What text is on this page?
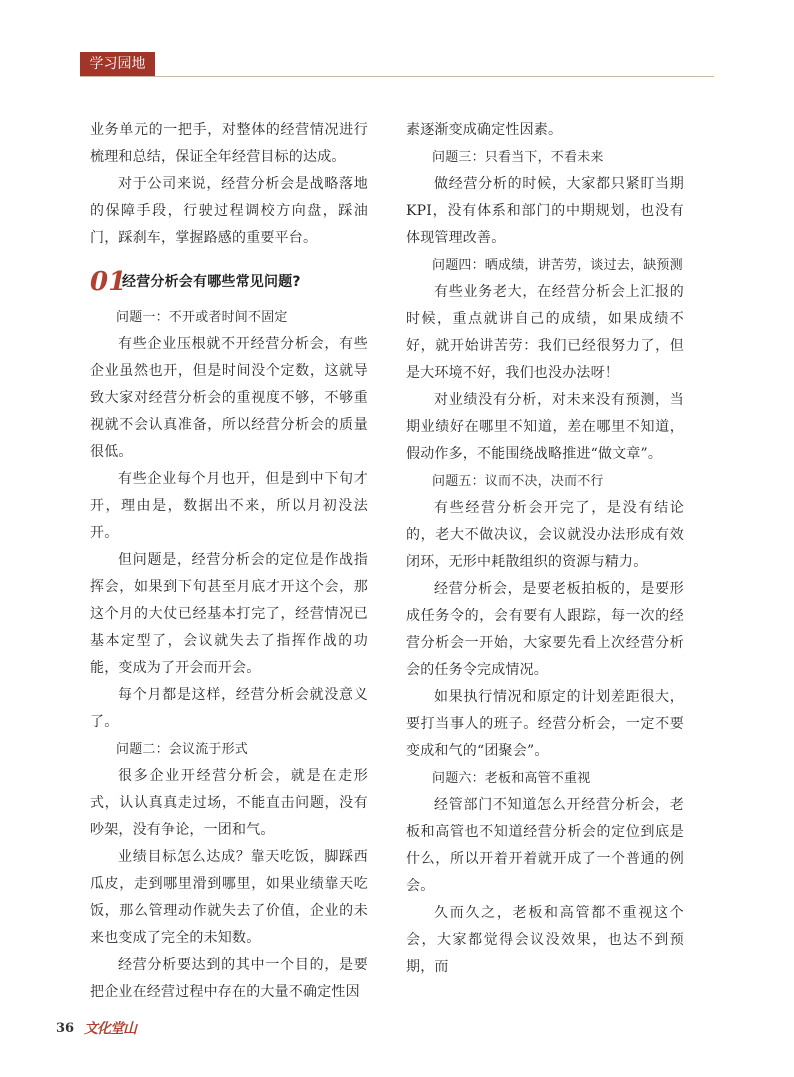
学习园地

业务单元的一把手，对整体的经营情况进行梳理和总结，保证全年经营目标的达成。

对于公司来说，经营分析会是战略落地的保障手段，行驶过程调校方向盘，踩油门，踩刹车，掌握路感的重要平台。

01
经营分析会有哪些常见问题?

问题一：不开或者时间不固定

有些企业压根就不开经营分析会，有些企业虽然也开，但是时间没个定数，这就导致大家对经营分析会的重视度不够，不够重视就不会认真准备，所以经营分析会的质量很低。

有些企业每个月也开，但是到中下旬才开，理由是，数据出不来，所以月初没法开。

但问题是，经营分析会的定位是作战指挥会，如果到下旬甚至月底才开这个会，那这个月的大仗已经基本打完了，经营情况已基本定型了，会议就失去了指挥作战的功能，变成为了开会而开会。

每个月都是这样，经营分析会就没意义了。

问题二：会议流于形式

很多企业开经营分析会，就是在走形式，认认真真走过场，不能直击问题，没有吵架，没有争论，一团和气。

业绩目标怎么达成？靠天吃饭，脚踩西瓜皮，走到哪里滑到哪里，如果业绩靠天吃饭，那么管理动作就失去了价值，企业的未来也变成了完全的未知数。

经营分析要达到的其中一个目的，是要把企业在经营过程中存在的大量不确定性因

素逐渐变成确定性因素。

问题三：只看当下，不看未来

做经营分析的时候，大家都只紧盯当期KPI，没有体系和部门的中期规划，也没有体现管理改善。

问题四：晒成绩，讲苦劳，谈过去，缺预测

有些业务老大，在经营分析会上汇报的时候，重点就讲自己的成绩，如果成绩不好，就开始讲苦劳：我们已经很努力了，但是大环境不好，我们也没办法呀！

对业绩没有分析，对未来没有预测，当期业绩好在哪里不知道，差在哪里不知道，假动作多，不能围绕战略推进“做文章”。

问题五：议而不决，决而不行

有些经营分析会开完了，是没有结论的，老大不做决议，会议就没办法形成有效闭环，无形中耗散组织的资源与精力。

经营分析会，是要老板拍板的，是要形成任务令的，会有要有人跟踪，每一次的经营分析会一开始，大家要先看上次经营分析会的任务令完成情况。

如果执行情况和原定的计划差距很大，要打当事人的班子。经营分析会，一定不要变成和气的“团聚会”。

问题六：老板和高管不重视

经管部门不知道怎么开经营分析会，老板和高管也不知道经营分析会的定位到底是什么，所以开着开着就开成了一个普通的例会。

久而久之，老板和高管都不重视这个会，大家都觉得会议没效果，也达不到预期，而

36 文化堂山
